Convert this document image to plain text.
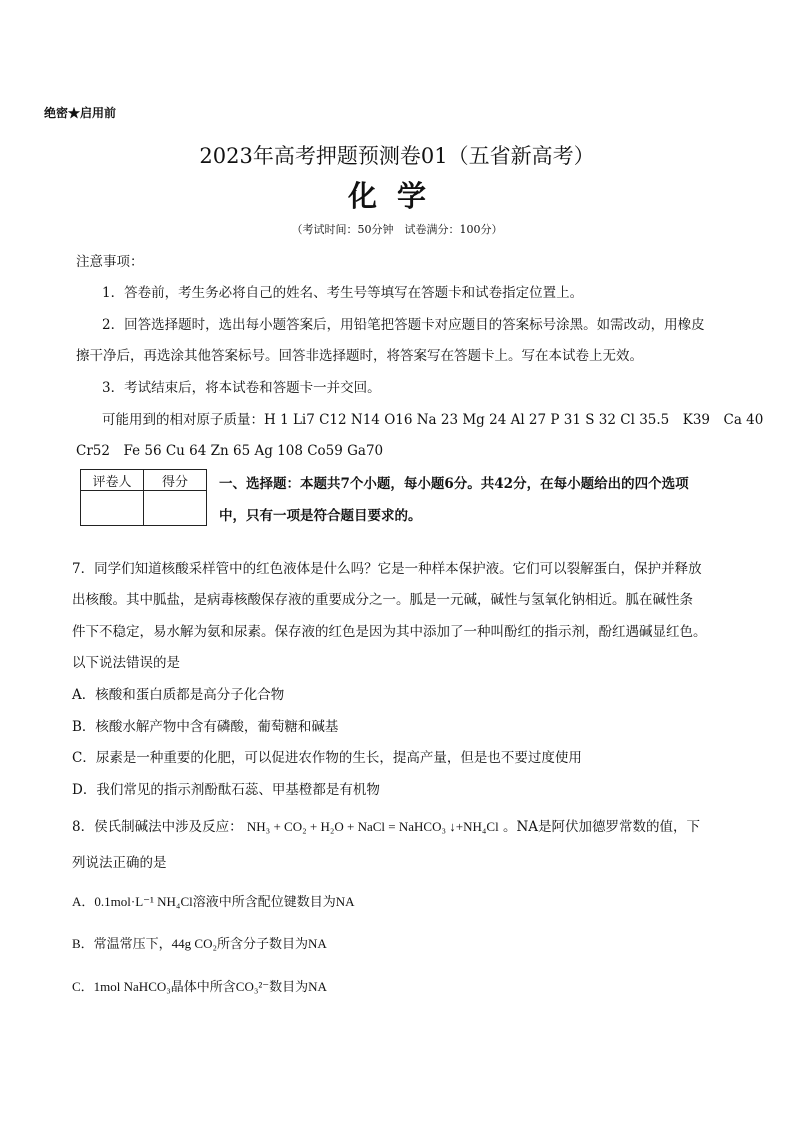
绝密★启用前
2023年高考押题预测卷01（五省新高考）
化学
（考试时间：50分钟　试卷满分：100分）
注意事项：
1．答卷前，考生务必将自己的姓名、考生号等填写在答题卡和试卷指定位置上。
2．回答选择题时，选出每小题答案后，用铅笔把答题卡对应题目的答案标号涂黑。如需改动，用橡皮
擦干净后，再选涂其他答案标号。回答非选择题时，将答案写在答题卡上。写在本试卷上无效。
3．考试结束后，将本试卷和答题卡一并交回。
可能用到的相对原子质量：H 1 Li7 C12 N14 O16 Na 23 Mg 24 Al 27 P 31 S 32 Cl 35.5　K39　Ca 40
Cr52　Fe 56 Cu 64 Zn 65 Ag 108 Co59 Ga70
评卷人	得分
	一、选择题：本题共7个小题，每小题6分。共42分，在每小题给出的四个选项
中，只有一项是符合题目要求的。
7．同学们知道核酸采样管中的红色液体是什么吗？它是一种样本保护液。它们可以裂解蛋白，保护并释放
出核酸。其中胍盐，是病毒核酸保存液的重要成分之一。胍是一元碱，碱性与氢氧化钠相近。胍在碱性条
件下不稳定，易水解为氨和尿素。保存液的红色是因为其中添加了一种叫酚红的指示剂，酚红遇碱显红色。
以下说法错误的是
A．核酸和蛋白质都是高分子化合物
B．核酸水解产物中含有磷酸，葡萄糖和碱基
C．尿素是一种重要的化肥，可以促进农作物的生长，提高产量，但是也不要过度使用
D．我们常见的指示剂酚酞石蕊、甲基橙都是有机物
8．侯氏制碱法中涉及反应： NH₃ + CO₂ + H₂O + NaCl = NaHCO₃ ↓+NH₄Cl 。NA是阿伏加德罗常数的值，下
列说法正确的是
A．0.1mol·L⁻¹ NH₄Cl溶液中所含配位键数目为NA
B．常温常压下，44g CO₂所含分子数目为NA
C．1mol NaHCO₃晶体中所含CO₃²⁻数目为NA
